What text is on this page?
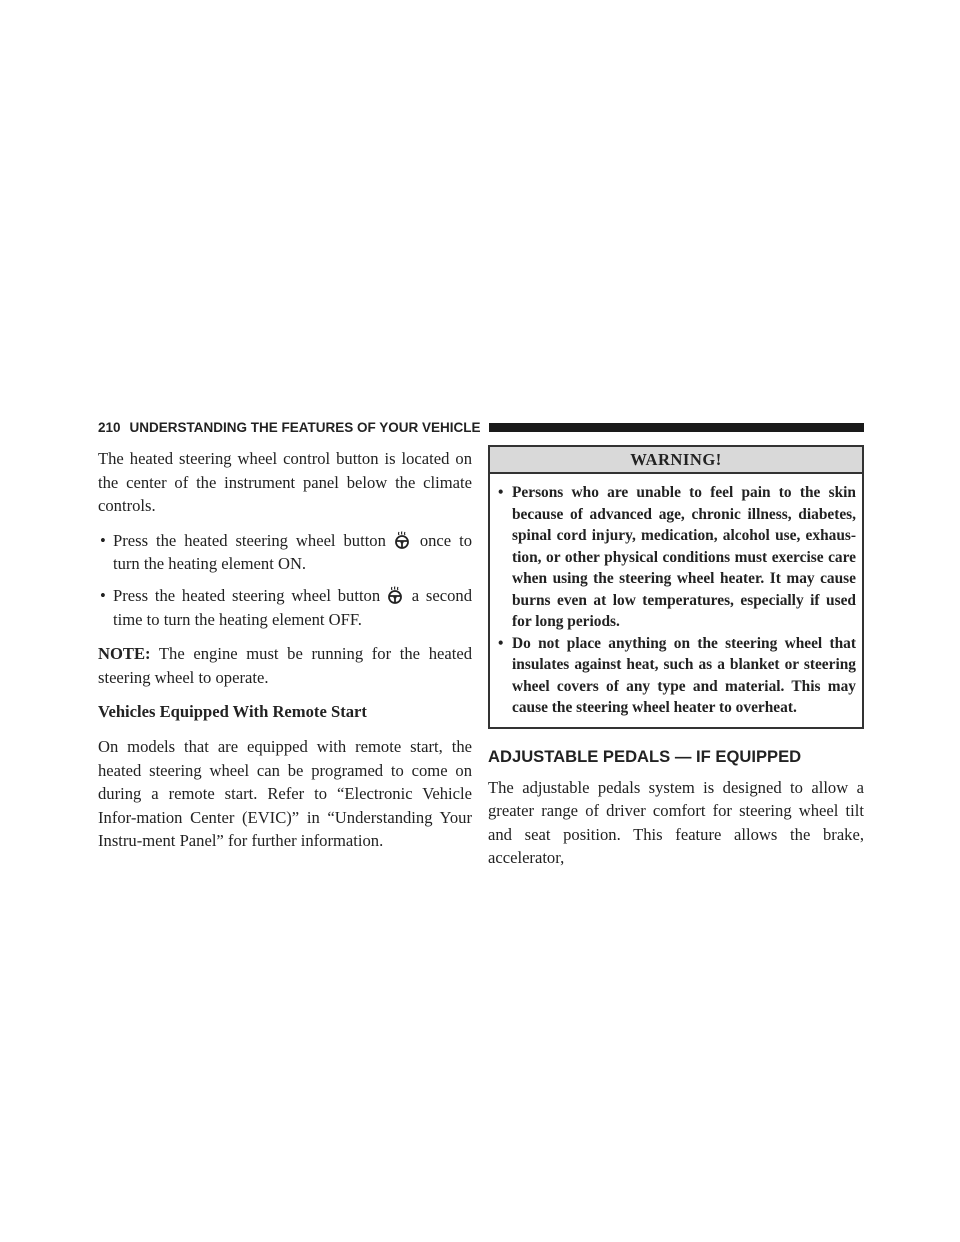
210 UNDERSTANDING THE FEATURES OF YOUR VEHICLE

The heated steering wheel control button is located on the center of the instrument panel below the climate controls.

• Press the heated steering wheel button once to turn the heating element ON.
• Press the heated steering wheel button a second time to turn the heating element OFF.

NOTE: The engine must be running for the heated steering wheel to operate.

Vehicles Equipped With Remote Start

On models that are equipped with remote start, the heated steering wheel can be programed to come on during a remote start. Refer to “Electronic Vehicle Infor-mation Center (EVIC)” in “Understanding Your Instru-ment Panel” for further information.

WARNING!
• Persons who are unable to feel pain to the skin because of advanced age, chronic illness, diabetes, spinal cord injury, medication, alcohol use, exhaus-tion, or other physical conditions must exercise care when using the steering wheel heater. It may cause burns even at low temperatures, especially if used for long periods.
• Do not place anything on the steering wheel that insulates against heat, such as a blanket or steering wheel covers of any type and material. This may cause the steering wheel heater to overheat.
ADJUSTABLE PEDALS — IF EQUIPPED

The adjustable pedals system is designed to allow a greater range of driver comfort for steering wheel tilt and seat position. This feature allows the brake, accelerator,
